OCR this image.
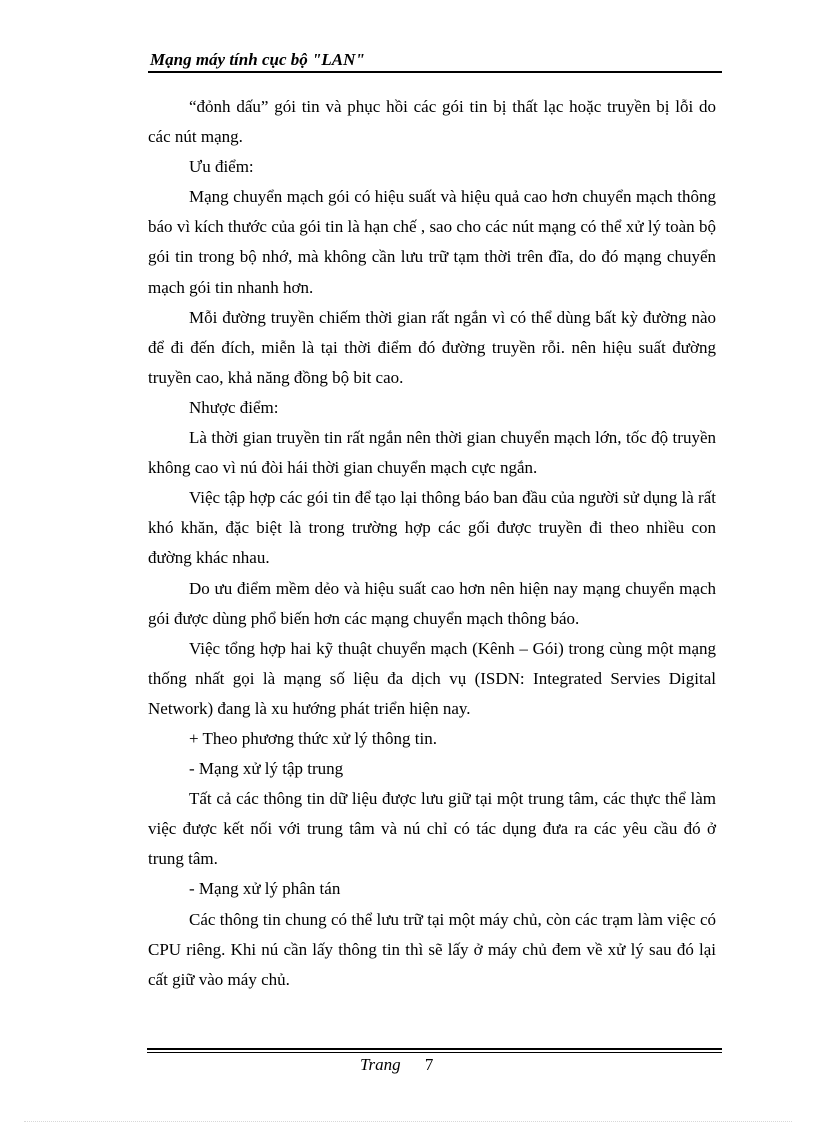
Mạng máy tính cục bộ "LAN"

“đỏnh dấu” gói tin và phục hồi các gói tin bị thất lạc hoặc truyền bị lỗi do các nút mạng.

Ưu điểm:

Mạng chuyển mạch gói có hiệu suất và hiệu quả cao hơn chuyển mạch thông báo vì kích thước của gói tin là hạn chế , sao cho các nút mạng có thể xử lý toàn bộ gói tin trong bộ nhớ, mà không cần lưu trữ tạm thời trên đĩa, do đó mạng chuyển mạch gói tin nhanh hơn.

Mỗi đường truyền chiếm thời gian rất ngắn vì có thể dùng bất kỳ đường nào để đi đến đích, miễn là tại thời điểm đó đường truyền rỗi. nên hiệu suất đường truyền cao, khả năng đồng bộ bit cao.

Nhược điểm:

Là thời gian truyền tin rất ngắn nên thời gian chuyển mạch lớn, tốc độ truyền không cao vì nú đòi hái thời gian chuyển mạch cực ngắn.

Việc tập hợp các gói tin để tạo lại thông báo ban đầu của người sử dụng là rất khó khăn, đặc biệt là trong trường hợp các gối được truyền đi theo nhiều con đường khác nhau.

Do ưu điểm mềm dẻo và hiệu suất cao hơn nên hiện nay mạng chuyển mạch gói được dùng phổ biến hơn các mạng chuyển mạch thông báo.

Việc tổng hợp hai kỹ thuật chuyển mạch (Kênh – Gói) trong cùng một mạng thống nhất gọi là mạng số liệu đa dịch vụ (ISDN: Integrated Servies Digital Network) đang là xu hướng phát triển hiện nay.

+ Theo phương thức xử lý thông tin.

- Mạng xử lý tập trung

Tất cả các thông tin dữ liệu được lưu giữ tại một trung tâm, các thực thể làm việc được kết nối với trung tâm và nú chỉ có tác dụng đưa ra các yêu cầu đó ở trung tâm.

- Mạng xử lý phân tán

Các thông tin chung có thể lưu trữ tại một máy chủ, còn các trạm làm việc có CPU riêng. Khi nú cần lấy thông tin thì sẽ lấy ở máy chủ đem về xử lý sau đó lại cất giữ vào máy chủ.

Trang 7
